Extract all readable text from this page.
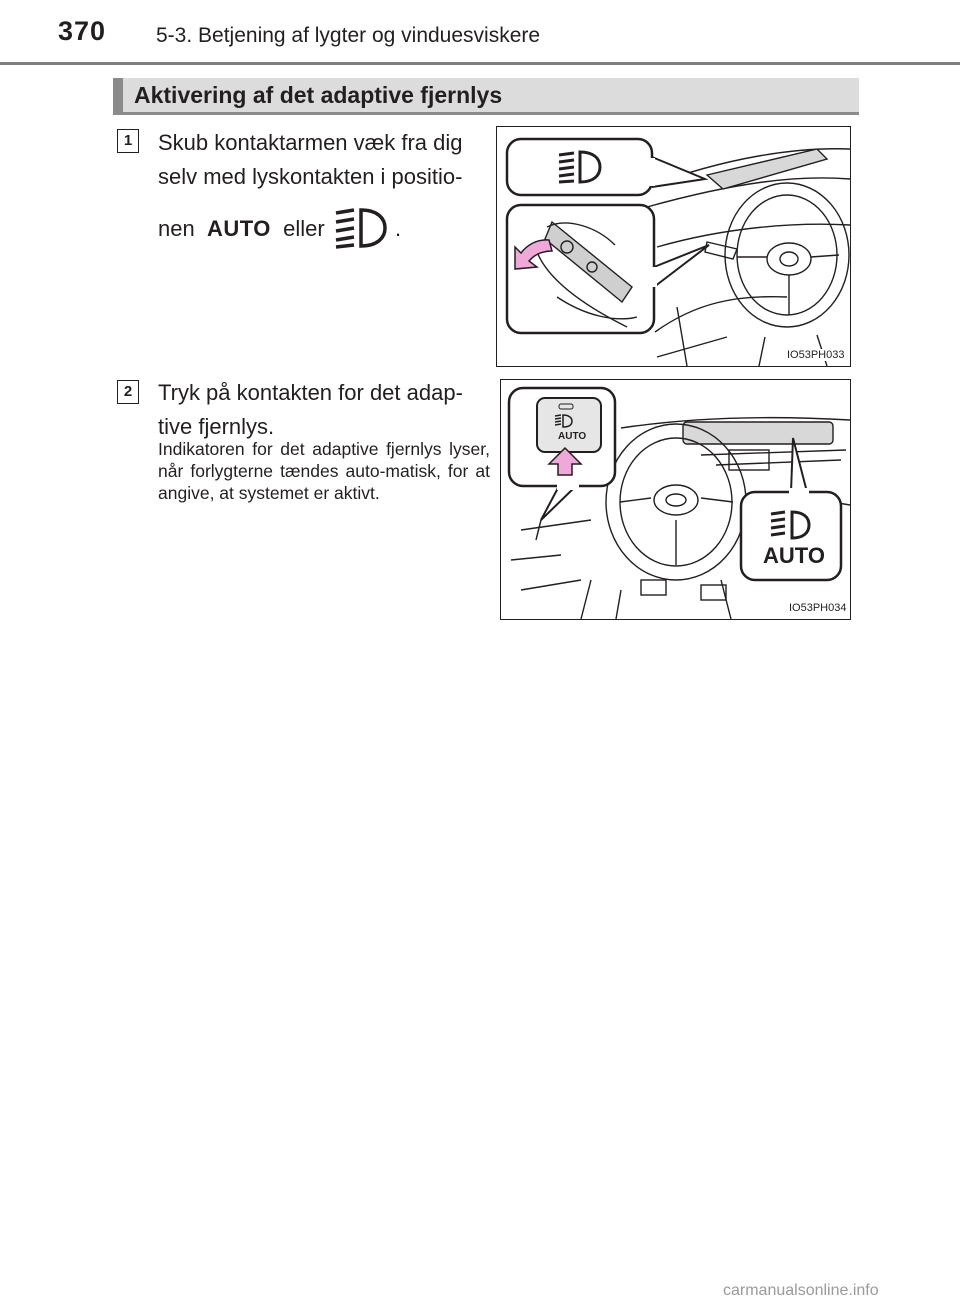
370 5-3. Betjening af lygter og vinduesviskere
Aktivering af det adaptive fjernlys
1	Skub kontaktarmen væk fra dig
selv med lyskontakten i positio-
nen AUTO eller	.
IO53PH033
2	Tryk på kontakten for det adap-
tive fjernlys.
Indikatoren for det adaptive fjernlys lyser, når forlygterne tændes auto-matisk, for at angive, at systemet er aktivt.
AUTO
AUTO
IO53PH034
carmanualsonline.info
